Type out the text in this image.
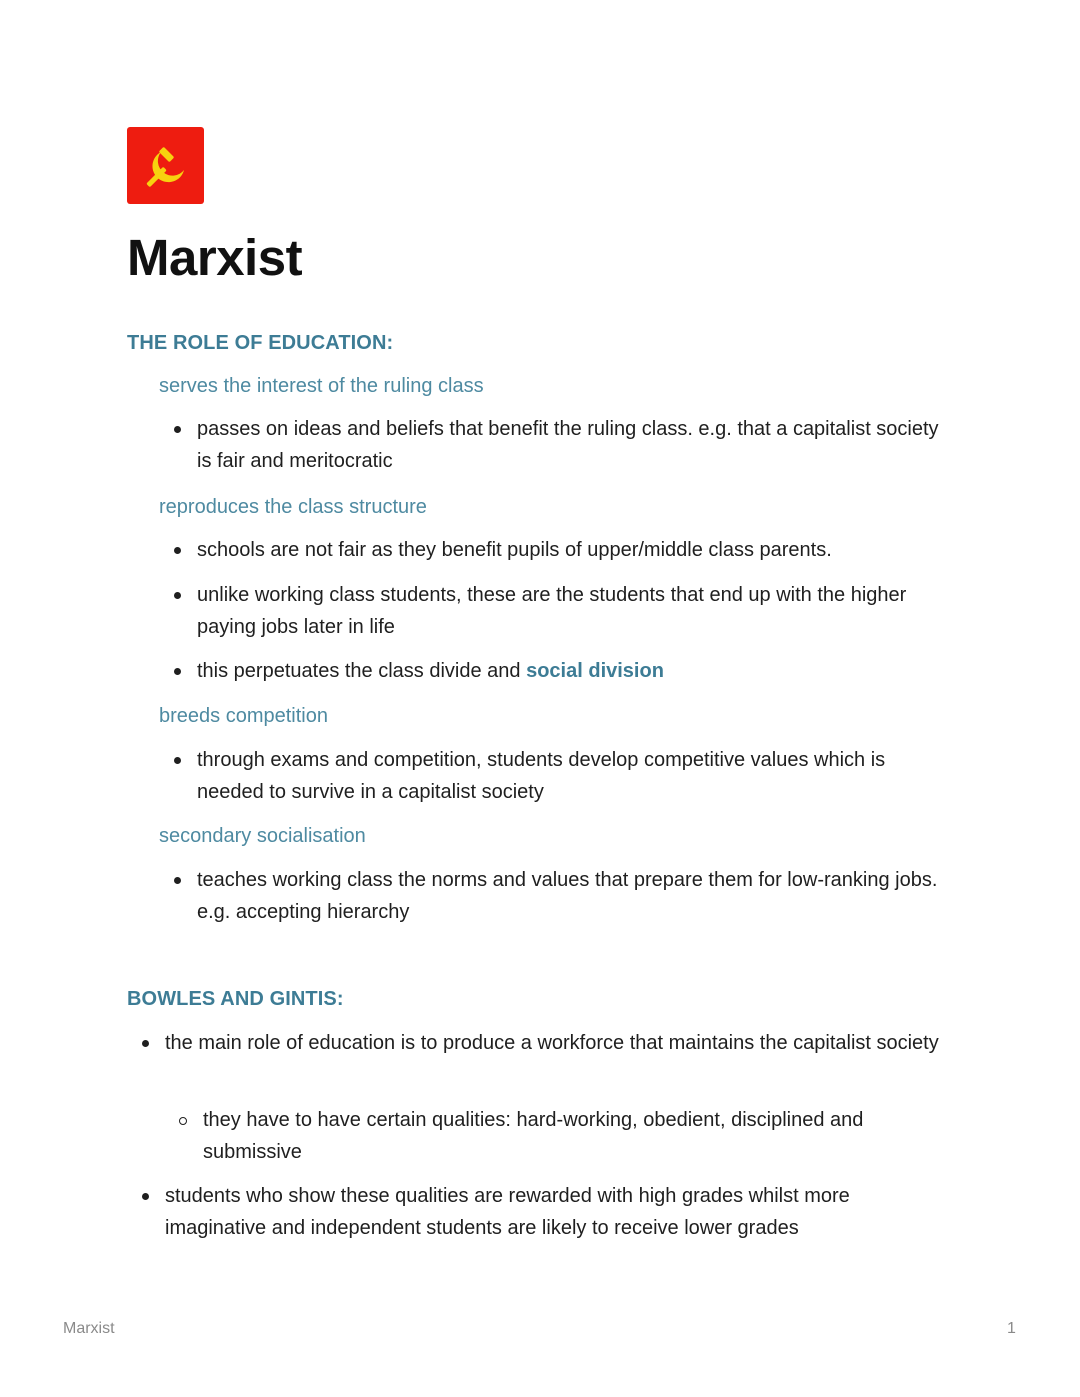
Marxist
THE ROLE OF EDUCATION:
serves the interest of the ruling class
passes on ideas and beliefs that benefit the ruling class. e.g. that a capitalist society is fair and meritocratic
reproduces the class structure
schools are not fair as they benefit pupils of upper/middle class parents.
unlike working class students, these are the students that end up with the higher paying jobs later in life
this perpetuates the class divide and social division
breeds competition
through exams and competition, students develop competitive values which is needed to survive in a capitalist society
secondary socialisation
teaches working class the norms and values that prepare them for low-ranking jobs. e.g. accepting hierarchy
BOWLES AND GINTIS:
the main role of education is to produce a workforce that maintains the capitalist society
they have to have certain qualities: hard-working, obedient, disciplined and submissive
students who show these qualities are rewarded with high grades whilst more imaginative and independent students are likely to receive lower grades
Marxist	1
